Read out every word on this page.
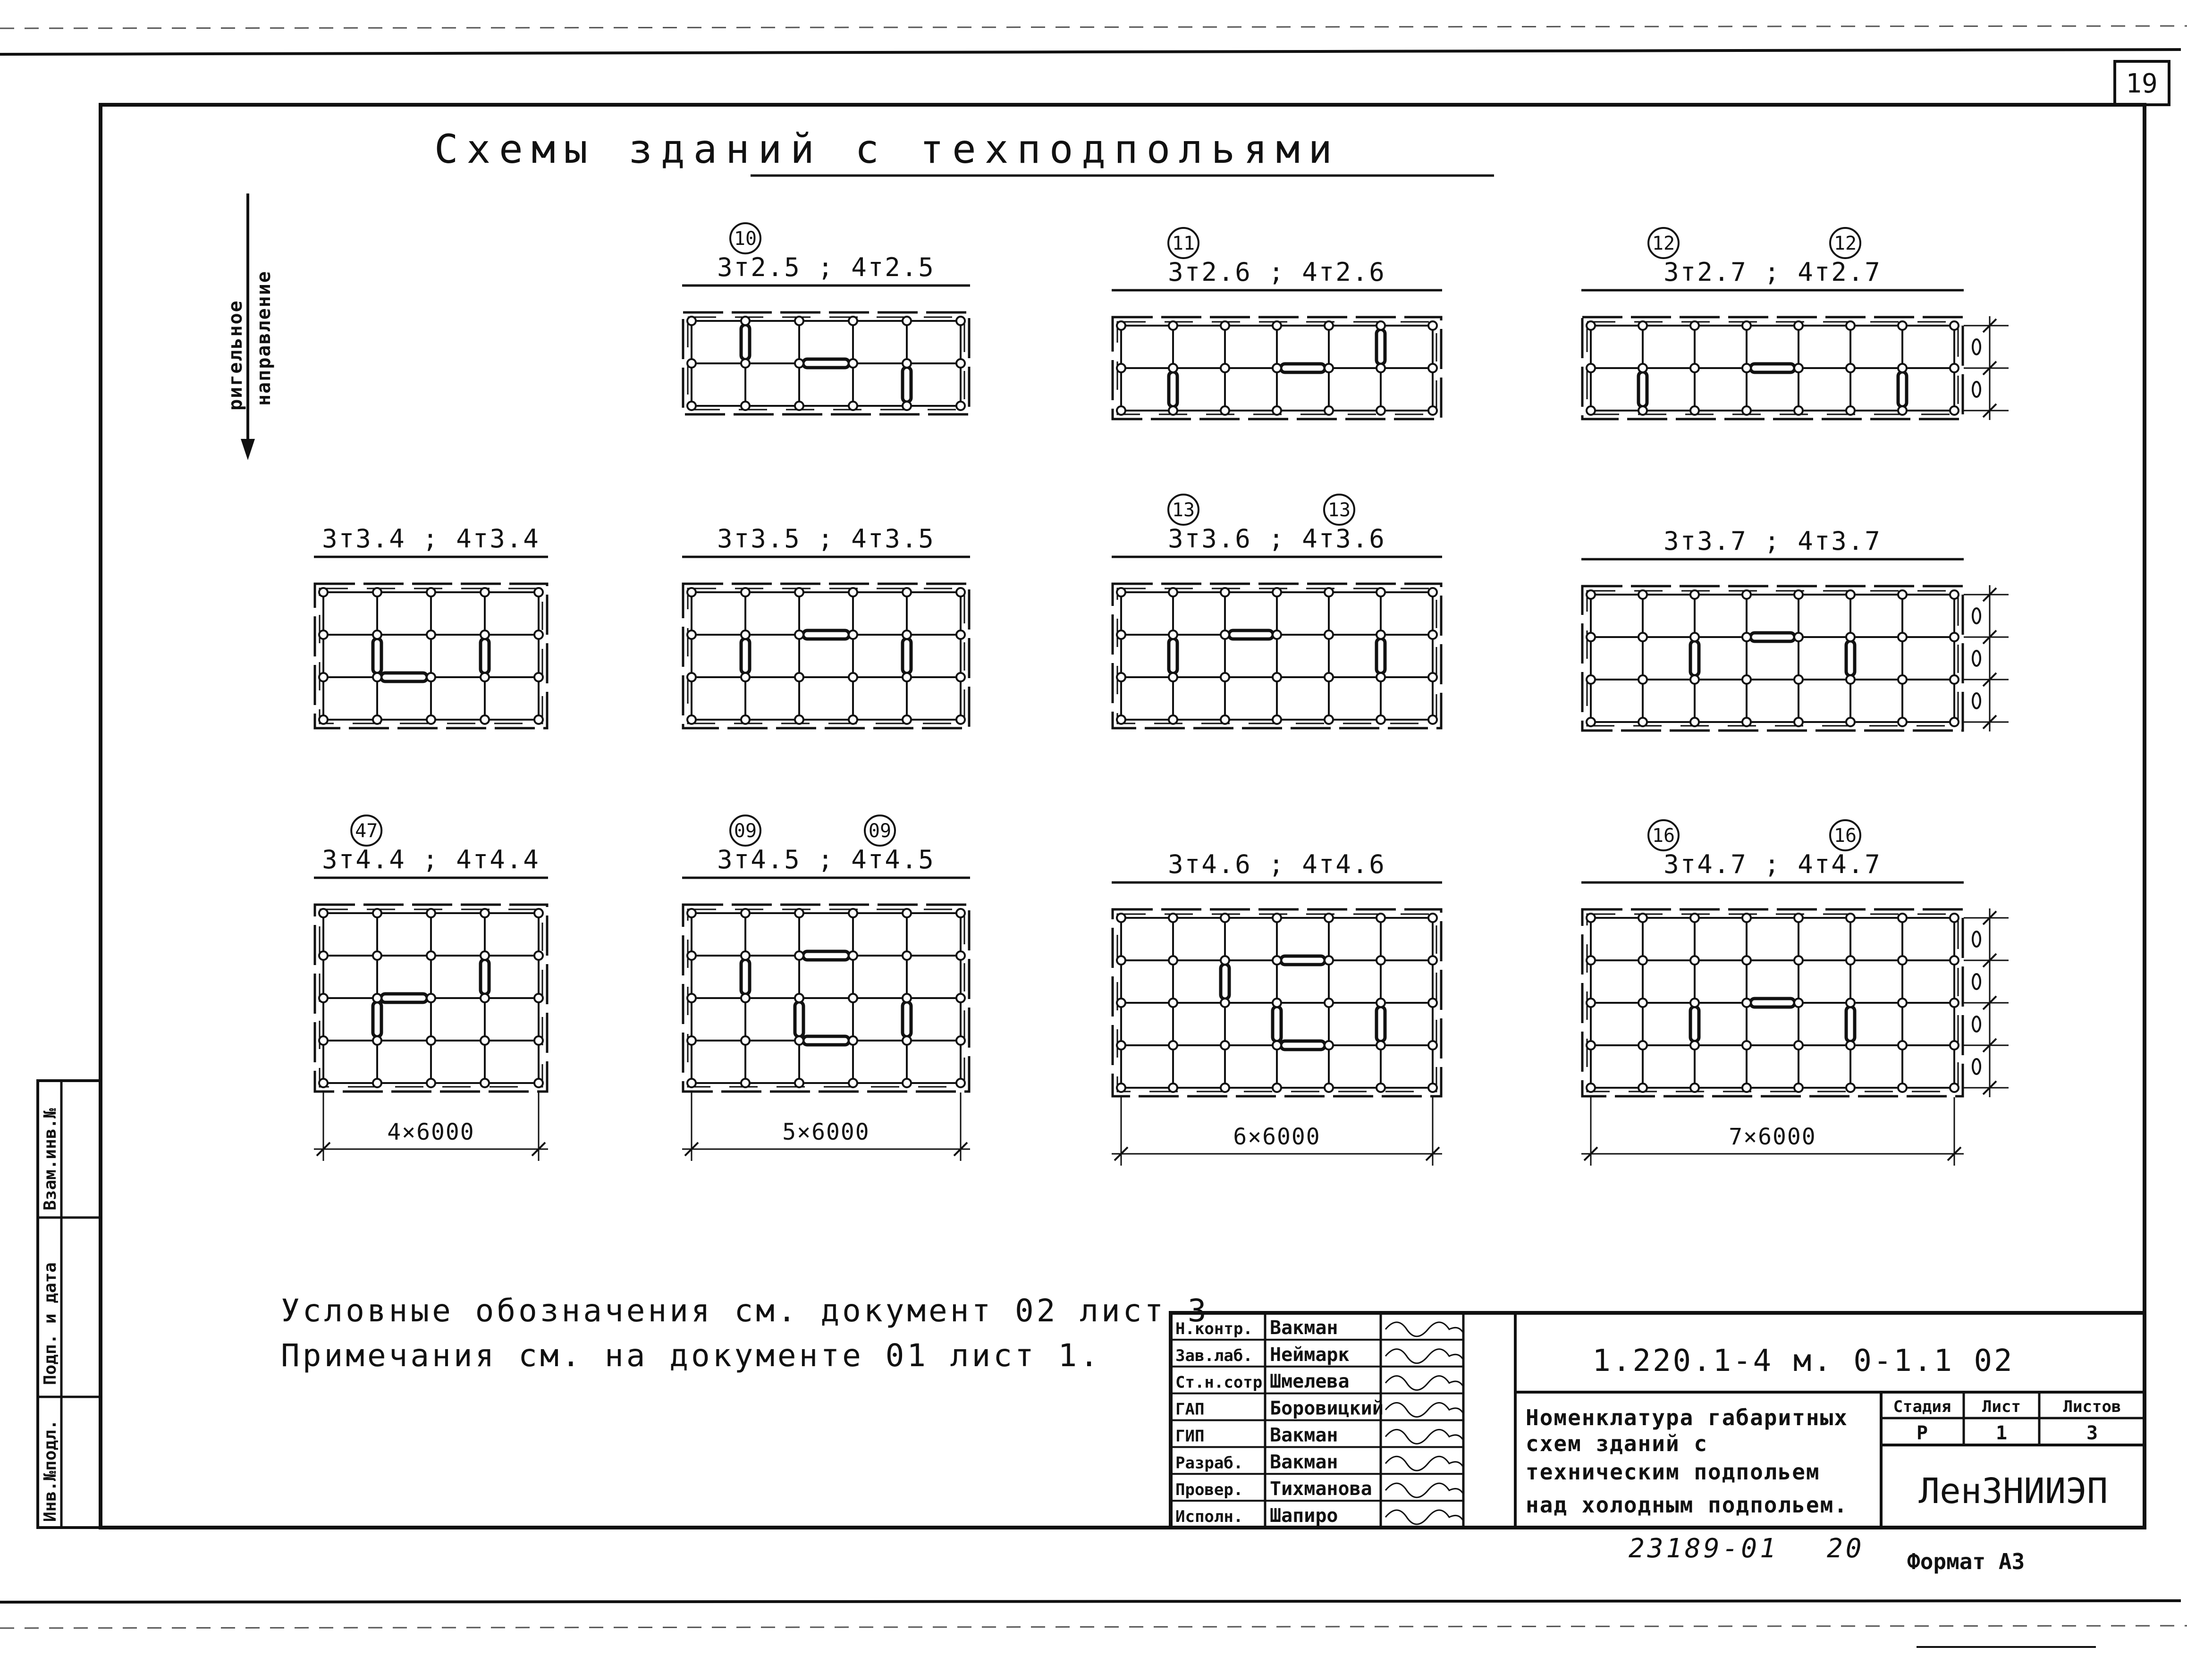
19
Схемы зданий с техподпольями
ригельное направление
3т2.5 ; 4т2.5
10
3т2.6 ; 4т2.6
11
3т2.7 ; 4т2.7
12	12
3т3.4 ; 4т3.4	3т3.5 ; 4т3.5	3т3.6 ; 4т3.6
13	13
3т3.7 ; 4т3.7
3т4.4 ; 4т4.4
47
4×6000
3т4.5 ; 4т4.5
09	09
5×6000
3т4.6 ; 4т4.6
6×6000
3т4.7 ; 4т4.7
16	16
7×6000
Условные обозначения см. документ 02 лист 3
Примечания см. на документе 01 лист 1.
Взам.инв.№
Подп. и дата
Инв.№подл.
Н.контр. Вакман
Зав.лаб. Неймарк
Ст.н.сотр Шмелева
ГАП	Боровицкий
ГИП	Вакман
Разраб. Вакман
Провер. Тихманова
Исполн. Шапиро
1.220.1-4 м. 0-1.1 02
Номенклатура габаритных
схем зданий с
техническим подпольем
над холодным подпольем.
Стадия Лист	Листов
Р	1	3
ЛенЗНИИЭП
23189-01 20 Формат А3
